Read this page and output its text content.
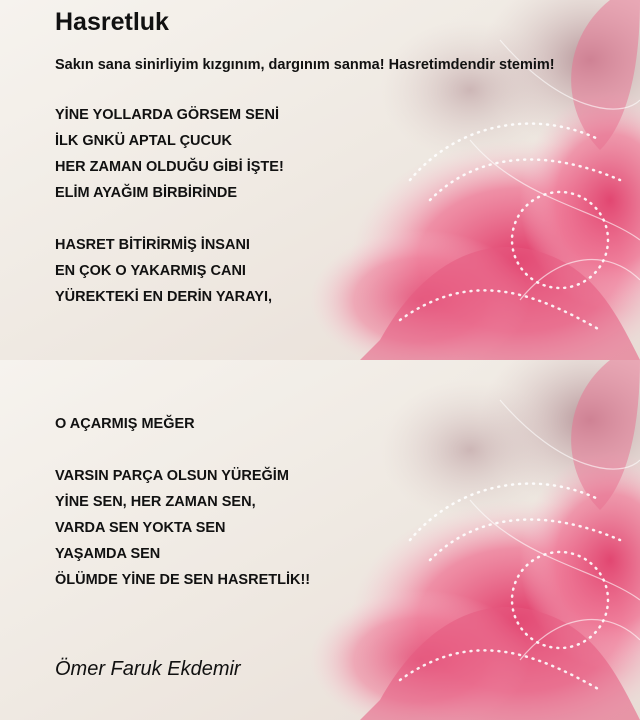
Hasretluk

Sakın sana sinirliyim kızgınım, dargınım sanma! Hasretimdendir stemim!

YİNE YOLLARDA GÖRSEM SENİ

İLK GNKÜ APTAL ÇUCUK

HER ZAMAN OLDUĞU GİBİ İŞTE!

ELİM AYAĞIM BİRBİRİNDE

HASRET BİTİRİRMİŞ İNSANI

EN ÇOK O YAKARMIŞ CANI

YÜREKTEKİ EN DERİN YARAYI,

O AÇARMIŞ MEĞER

VARSIN PARÇA OLSUN YÜREĞİM

YİNE SEN, HER ZAMAN SEN,

VARDA SEN YOKTA SEN

YAŞAMDA SEN

ÖLÜMDE YİNE DE SEN HASRETLİK!!

Ömer Faruk Ekdemir
